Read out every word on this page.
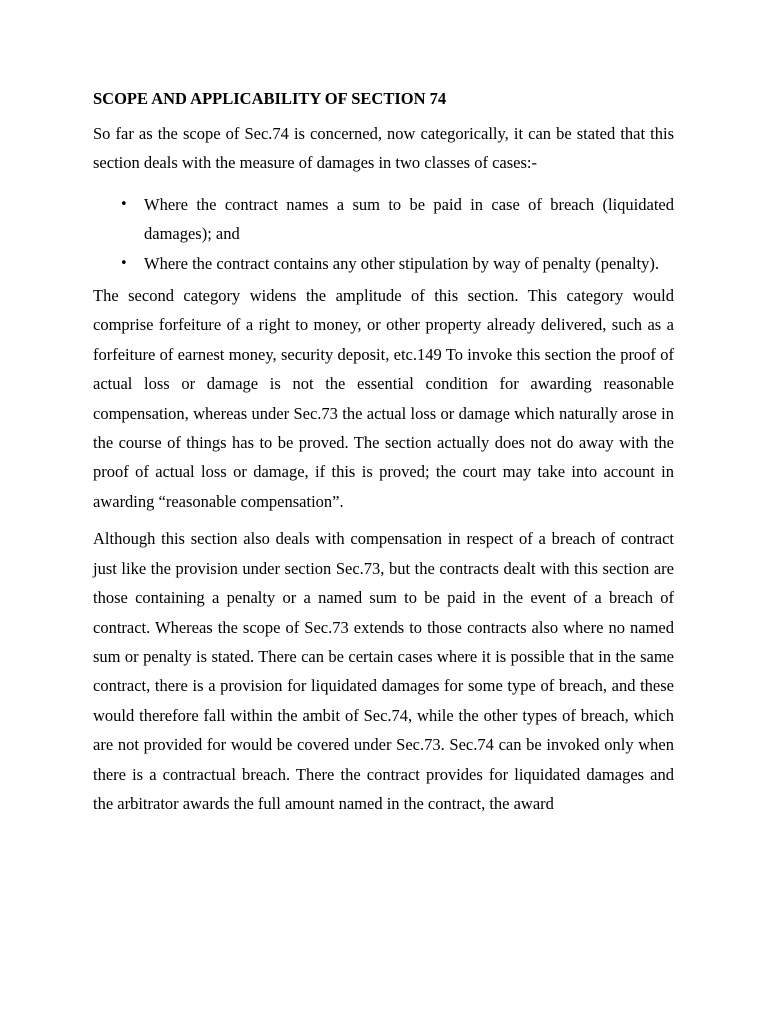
SCOPE AND APPLICABILITY OF SECTION 74

So far as the scope of Sec.74 is concerned, now categorically, it can be stated that this section deals with the measure of damages in two classes of cases:-

• Where the contract names a sum to be paid in case of breach (liquidated damages); and
• Where the contract contains any other stipulation by way of penalty (penalty).

The second category widens the amplitude of this section. This category would comprise forfeiture of a right to money, or other property already delivered, such as a forfeiture of earnest money, security deposit, etc.149 To invoke this section the proof of actual loss or damage is not the essential condition for awarding reasonable compensation, whereas under Sec.73 the actual loss or damage which naturally arose in the course of things has to be proved. The section actually does not do away with the proof of actual loss or damage, if this is proved; the court may take into account in awarding “reasonable compensation”.

Although this section also deals with compensation in respect of a breach of contract just like the provision under section Sec.73, but the contracts dealt with this section are those containing a penalty or a named sum to be paid in the event of a breach of contract. Whereas the scope of Sec.73 extends to those contracts also where no named sum or penalty is stated. There can be certain cases where it is possible that in the same contract, there is a provision for liquidated damages for some type of breach, and these would therefore fall within the ambit of Sec.74, while the other types of breach, which are not provided for would be covered under Sec.73. Sec.74 can be invoked only when there is a contractual breach. There the contract provides for liquidated damages and the arbitrator awards the full amount named in the contract, the award
